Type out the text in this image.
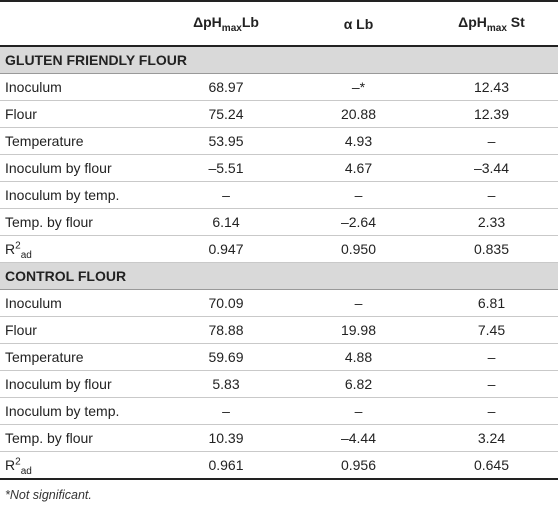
	ΔpH$_{max}$Lb	α Lb	ΔpH$_{max}$ St
GLUTEN FRIENDLY FLOUR			
Inoculum	68.97	–*	12.43
Flour	75.24	20.88	12.39
Temperature	53.95	4.93	–
Inoculum by flour	–5.51	4.67	–3.44
Inoculum by temp.	–	–	–
Temp. by flour	6.14	–2.64	2.33
$R^2_{ad}$	0.947	0.950	0.835
CONTROL FLOUR			
Inoculum	70.09	–	6.81
Flour	78.88	19.98	7.45
Temperature	59.69	4.88	–
Inoculum by flour	5.83	6.82	–
Inoculum by temp.	–	–	–
Temp. by flour	10.39	–4.44	3.24
$R^2_{ad}$	0.961	0.956	0.645
*Not significant.
